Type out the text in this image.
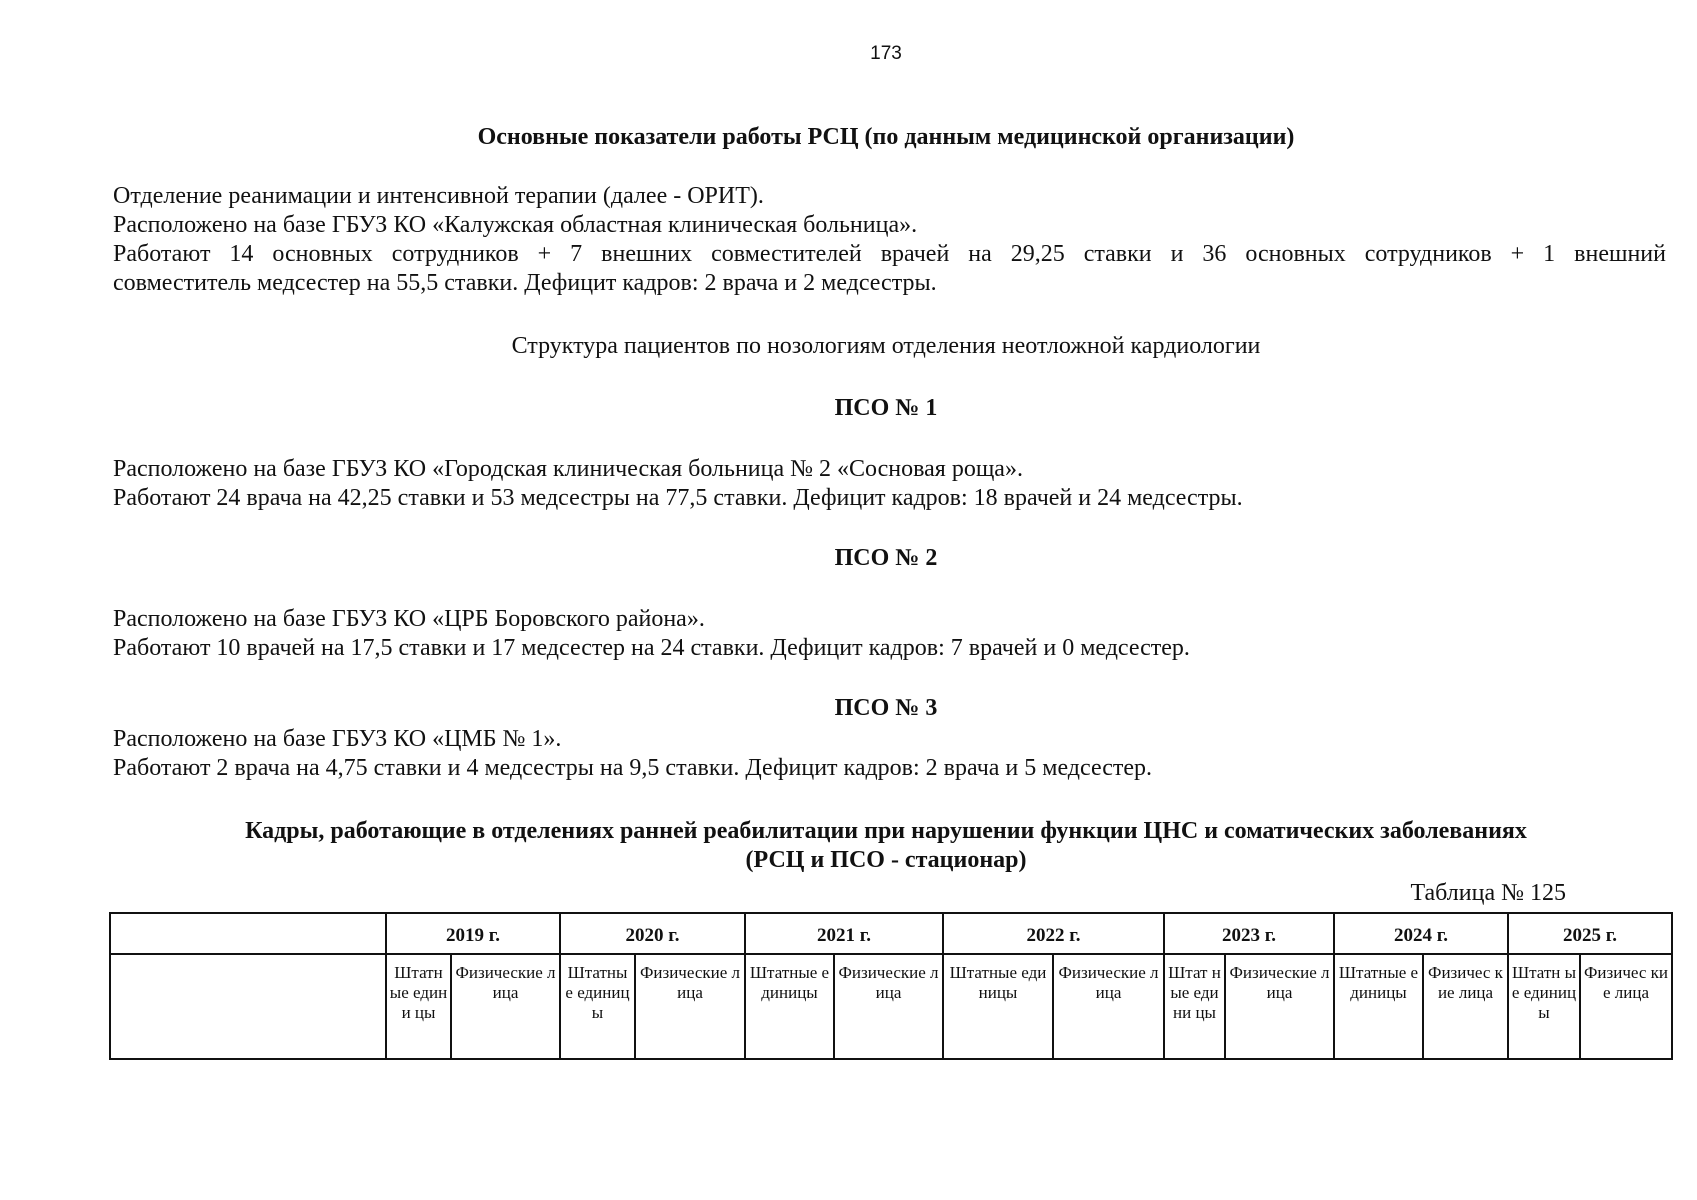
173
Основные показатели работы РСЦ (по данным медицинской организации)

Отделение реанимации и интенсивной терапии (далее - ОРИТ).

Расположено на базе ГБУЗ КО «Калужская областная клиническая больница».

Работают 14 основных сотрудников + 7 внешних совместителей врачей на 29,25 ставки и 36 основных сотрудников + 1 внешний

совместитель медсестер на 55,5 ставки. Дефицит кадров: 2 врача и 2 медсестры.

Структура пациентов по нозологиям отделения неотложной кардиологии
ПСО № 1

Расположено на базе ГБУЗ КО «Городская клиническая больница № 2 «Сосновая роща».

Работают 24 врача на 42,25 ставки и 53 медсестры на 77,5 ставки. Дефицит кадров: 18 врачей и 24 медсестры.

ПСО № 2

Расположено на базе ГБУЗ КО «ЦРБ Боровского района».

Работают 10 врачей на 17,5 ставки и 17 медсестер на 24 ставки. Дефицит кадров: 7 врачей и 0 медсестер.

ПСО № 3

Расположено на базе ГБУЗ КО «ЦМБ № 1».

Работают 2 врача на 4,75 ставки и 4 медсестры на 9,5 ставки. Дефицит кадров: 2 врача и 5 медсестер.

Кадры, работающие в отделениях ранней реабилитации при нарушении функции ЦНС и соматических заболеваниях
(РСЦ и ПСО - стационар)
Таблица № 125
	2019 г.		2020 г.		2021 г.		2022 г.		2023 г.		2024 г.		2025 г.	
	Штатн ые едини цы	Физические лица	Штатны е единиц ы	Физические лица	Штатные единицы	Физические лица	Штатные единицы	Физические лица	Штат ные едини цы	Физические лица	Штатные единицы	Физичес кие лица	Штатн ые единиц ы	Физичес кие лица
